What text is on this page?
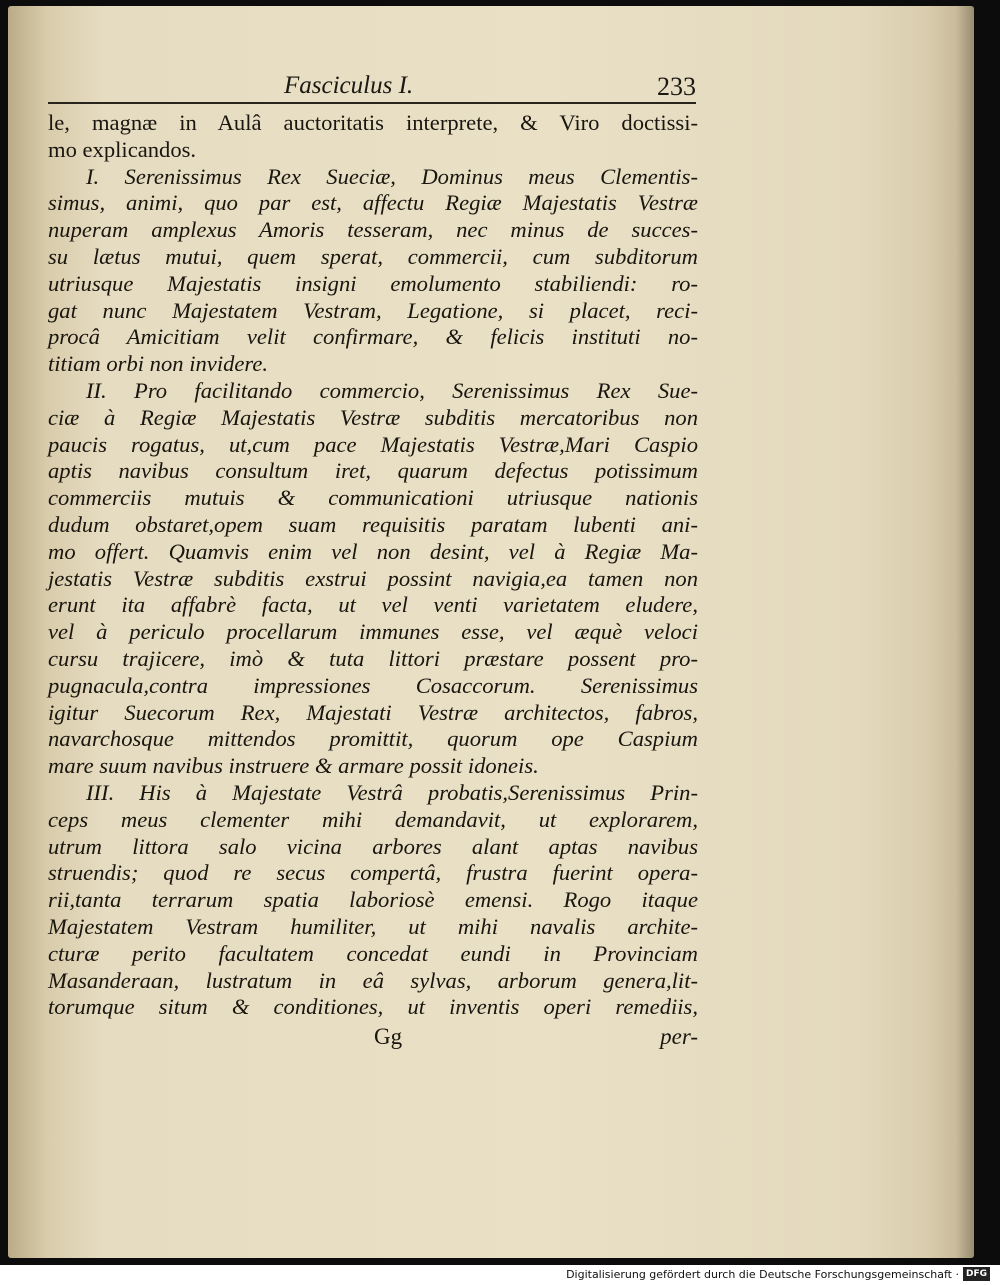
Fasciculus I.	233
le, magnæ in Aulâ auctoritatis interprete, & Viro doctissi-
mo explicandos.
I. Serenissimus Rex Sueciæ, Dominus meus Clementis-
simus, animi, quo par est, affectu Regiæ Majestatis Vestræ
nuperam amplexus Amoris tesseram, nec minus de succes-
su lætus mutui, quem sperat, commercii, cum subditorum
utriusque Majestatis insigni emolumento stabiliendi: ro-
gat nunc Majestatem Vestram, Legatione, si placet, reci-
procâ Amicitiam velit confirmare, & felicis instituti no-
titiam orbi non invidere.
II. Pro facilitando commercio, Serenissimus Rex Sue-
ciæ à Regiæ Majestatis Vestræ subditis mercatoribus non
paucis rogatus, ut,cum pace Majestatis Vestræ,Mari Caspio
aptis navibus consultum iret, quarum defectus potissimum
commerciis mutuis & communicationi utriusque nationis
dudum obstaret,opem suam requisitis paratam lubenti ani-
mo offert. Quamvis enim vel non desint, vel à Regiæ Ma-
jestatis Vestræ subditis exstrui possint navigia,ea tamen non
erunt ita affabrè facta, ut vel venti varietatem eludere,
vel à periculo procellarum immunes esse, vel æquè veloci
cursu trajicere, imò & tuta littori præstare possent pro-
pugnacula,contra impressiones Cosaccorum. Serenissimus
igitur Suecorum Rex, Majestati Vestræ architectos, fabros,
navarchosque mittendos promittit, quorum ope Caspium
mare suum navibus instruere & armare possit idoneis.
III. His à Majestate Vestrâ probatis,Serenissimus Prin-
ceps meus clementer mihi demandavit, ut explorarem,
utrum littora salo vicina arbores alant aptas navibus
struendis; quod re secus compertâ, frustra fuerint opera-
rii,tanta terrarum spatia laboriosè emensi. Rogo itaque
Majestatem Vestram humiliter, ut mihi navalis archite-
cturæ perito facultatem concedat eundi in Provinciam
Masanderaan, lustratum in eâ sylvas, arborum genera,lit-
torumque situm & conditiones, ut inventis operi remediis,
Gg	per-
Digitalisierung gefördert durch die Deutsche Forschungsgemeinschaft · DFG
